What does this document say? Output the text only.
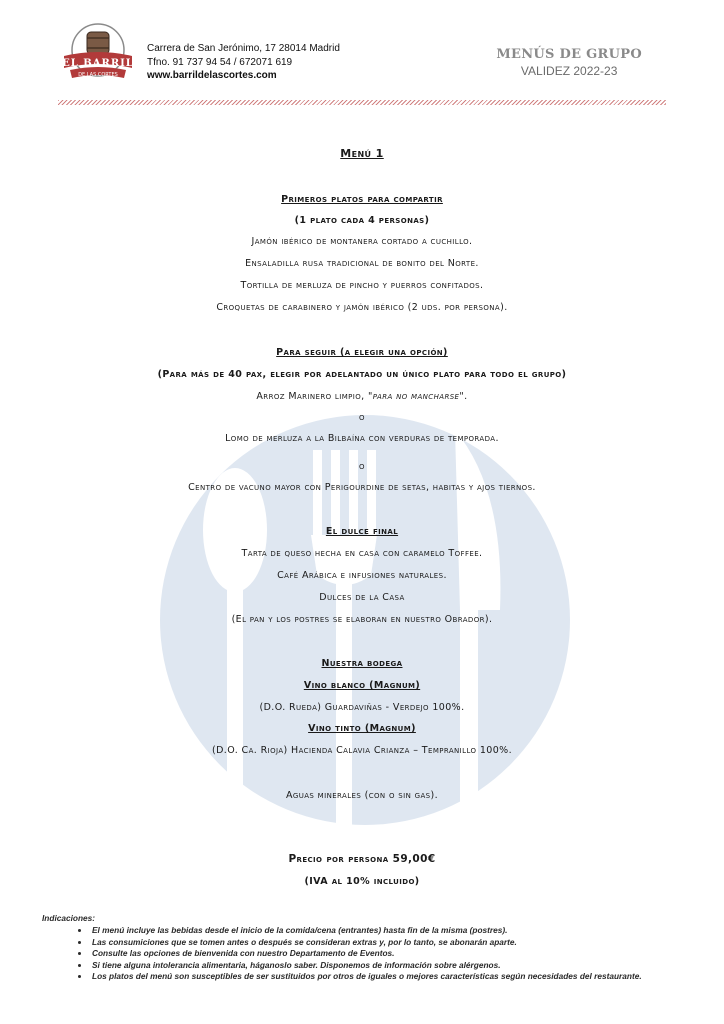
EL BARRIL
DE LAS CORTES
Carrera de San Jerónimo, 17 28014 Madrid
Tfno. 91 737 94 54 / 672071 619
www.barrildelascortes.com
MENÚS DE GRUPO
VALIDEZ 2022-23
Menú 1
Primeros platos para compartir
(1 plato cada 4 personas)
Jamón ibérico de montanera cortado a cuchillo.
Ensaladilla rusa tradicional de bonito del Norte.
Tortilla de merluza de pincho y puerros confitados.
Croquetas de carabinero y jamón ibérico (2 uds. por persona).
Para seguir (a elegir una opción)
(Para más de 40 pax, elegir por adelantado un único plato para todo el grupo)
Arroz Marinero limpio, "para no mancharse".
o
Lomo de merluza a la Bilbaína con verduras de temporada.
o
Centro de vacuno mayor con Perigourdine de setas, habitas y ajos tiernos.
El dulce final
Tarta de queso hecha en casa con caramelo Toffee.
Café Arábica e infusiones naturales.
Dulces de la Casa
(El pan y los postres se elaboran en nuestro Obrador).
Nuestra bodega
Vino blanco (Magnum)
(D.O. Rueda) Guardaviñas - Verdejo 100%.
Vino tinto (Magnum)
(D.O. Ca. Rioja) Hacienda Calavia Crianza – Tempranillo 100%.
Aguas minerales (con o sin gas).
Precio por persona 59,00€
(IVA al 10% incluido)
Indicaciones:
• El menú incluye las bebidas desde el inicio de la comida/cena (entrantes) hasta fin de la misma (postres).
• Las consumiciones que se tomen antes o después se consideran extras y, por lo tanto, se abonarán aparte.
• Consulte las opciones de bienvenida con nuestro Departamento de Eventos.
• Si tiene alguna intolerancia alimentaria, háganoslo saber. Disponemos de información sobre alérgenos.
• Los platos del menú son susceptibles de ser sustituidos por otros de iguales o mejores características según necesidades del restaurante.
